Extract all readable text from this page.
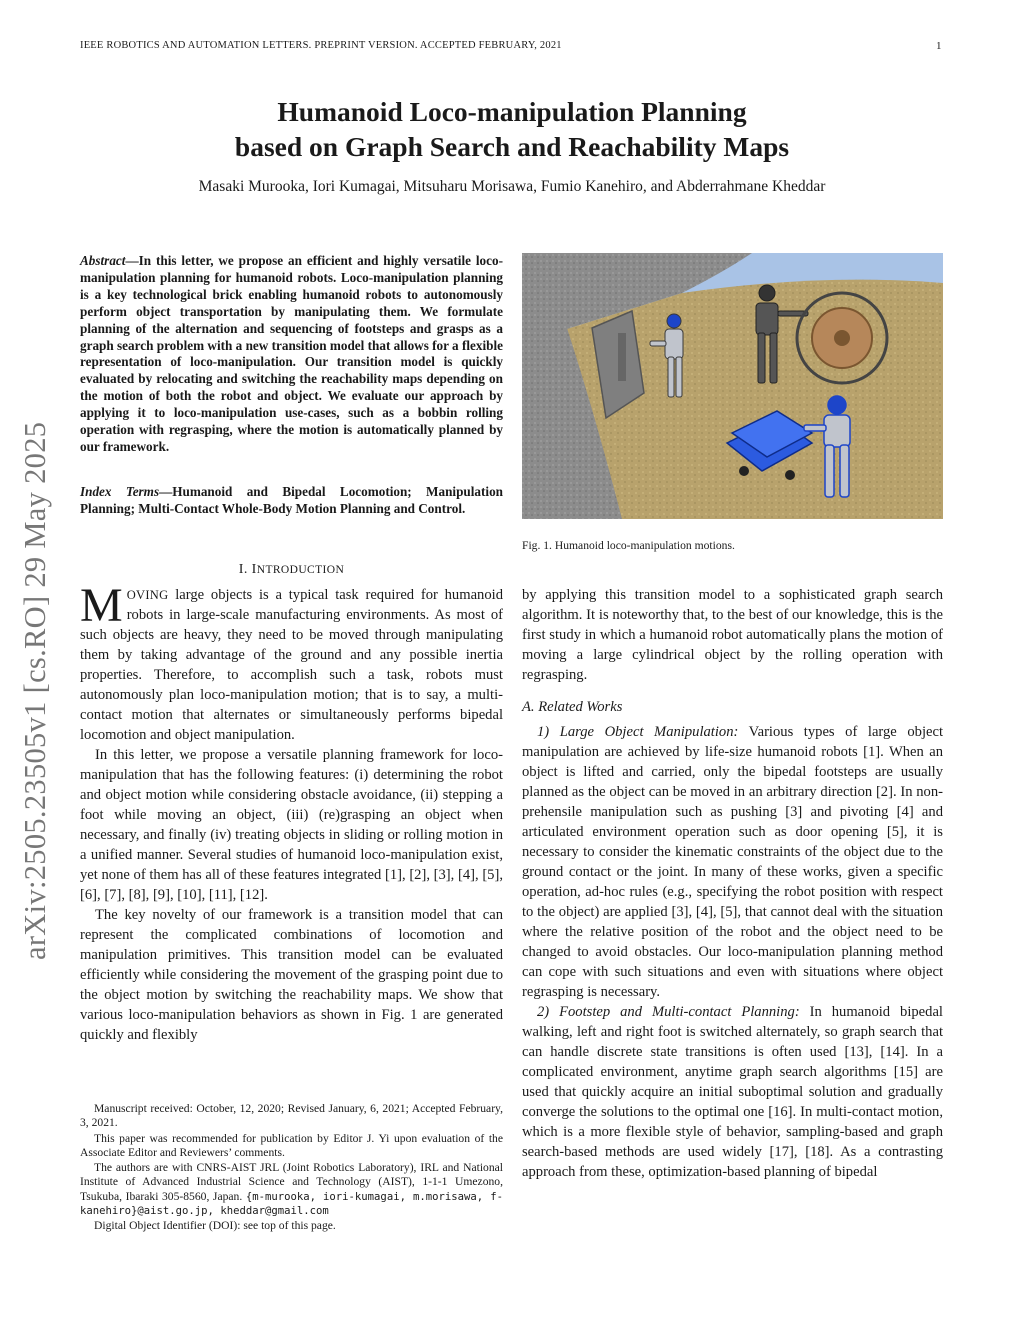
IEEE ROBOTICS AND AUTOMATION LETTERS. PREPRINT VERSION. ACCEPTED FEBRUARY, 2021	1
Humanoid Loco-manipulation Planning
based on Graph Search and Reachability Maps
Masaki Murooka, Iori Kumagai, Mitsuharu Morisawa, Fumio Kanehiro, and Abderrahmane Kheddar
arXiv:2505.23505v1 [cs.RO] 29 May 2025
Abstract—In this letter, we propose an efficient and highly versatile loco-manipulation planning for humanoid robots. Loco-manipulation planning is a key technological brick enabling humanoid robots to autonomously perform object transportation by manipulating them. We formulate planning of the alternation and sequencing of footsteps and grasps as a graph search problem with a new transition model that allows for a flexible representation of loco-manipulation. Our transition model is quickly evaluated by relocating and switching the reachability maps depending on the motion of both the robot and object. We evaluate our approach by applying it to loco-manipulation use-cases, such as a bobbin rolling operation with regrasping, where the motion is automatically planned by our framework.
Index Terms—Humanoid and Bipedal Locomotion; Manipulation Planning; Multi-Contact Whole-Body Motion Planning and Control.
I. INTRODUCTION

MOVING large objects is a typical task required for humanoid robots in large-scale manufacturing environments. As most of such objects are heavy, they need to be moved through manipulating them by taking advantage of the ground and any possible inertia properties. Therefore, to accomplish such a task, robots must autonomously plan loco-manipulation motion; that is to say, a multi-contact motion that alternates or simultaneously performs bipedal locomotion and object manipulation.

In this letter, we propose a versatile planning framework for loco-manipulation that has the following features: (i) determining the robot and object motion while considering obstacle avoidance, (ii) stepping a foot while moving an object, (iii) (re)grasping an object when necessary, and finally (iv) treating objects in sliding or rolling motion in a unified manner. Several studies of humanoid loco-manipulation exist, yet none of them has all of these features integrated [1], [2], [3], [4], [5], [6], [7], [8], [9], [10], [11], [12].

The key novelty of our framework is a transition model that can represent the complicated combinations of locomotion and manipulation primitives. This transition model can be evaluated efficiently while considering the movement of the grasping point due to the object motion by switching the reachability maps. We show that various loco-manipulation behaviors as shown in Fig. 1 are generated quickly and flexibly

Manuscript received: October, 12, 2020; Revised January, 6, 2021; Accepted February, 3, 2021.

This paper was recommended for publication by Editor J. Yi upon evaluation of the Associate Editor and Reviewers’ comments.

The authors are with CNRS-AIST JRL (Joint Robotics Laboratory), IRL and National Institute of Advanced Industrial Science and Technology (AIST), 1-1-1 Umezono, Tsukuba, Ibaraki 305-8560, Japan. {m-murooka, iori-kumagai, m.morisawa, f-kanehiro}@aist.go.jp, kheddar@gmail.com

Digital Object Identifier (DOI): see top of this page.

Fig. 1. Humanoid loco-manipulation motions.

by applying this transition model to a sophisticated graph search algorithm. It is noteworthy that, to the best of our knowledge, this is the first study in which a humanoid robot automatically plans the motion of moving a large cylindrical object by the rolling operation with regrasping.

A. Related Works

1) Large Object Manipulation: Various types of large object manipulation are achieved by life-size humanoid robots [1]. When an object is lifted and carried, only the bipedal footsteps are usually planned as the object can be moved in an arbitrary direction [2]. In non-prehensile manipulation such as pushing [3] and pivoting [4] and articulated environment operation such as door opening [5], it is necessary to consider the kinematic constraints of the object due to the ground contact or the joint. In many of these works, given a specific operation, ad-hoc rules (e.g., specifying the robot position with respect to the object) are applied [3], [4], [5], that cannot deal with the situation where the relative position of the robot and the object need to be changed to avoid obstacles. Our loco-manipulation planning method can cope with such situations and even with situations where object regrasping is necessary.

2) Footstep and Multi-contact Planning: In humanoid bipedal walking, left and right foot is switched alternately, so graph search that can handle discrete state transitions is often used [13], [14]. In a complicated environment, anytime graph search algorithms [15] are used that quickly acquire an initial suboptimal solution and gradually converge the solutions to the optimal one [16]. In multi-contact motion, which is a more flexible style of behavior, sampling-based and graph search-based methods are used widely [17], [18]. As a contrasting approach from these, optimization-based planning of bipedal
